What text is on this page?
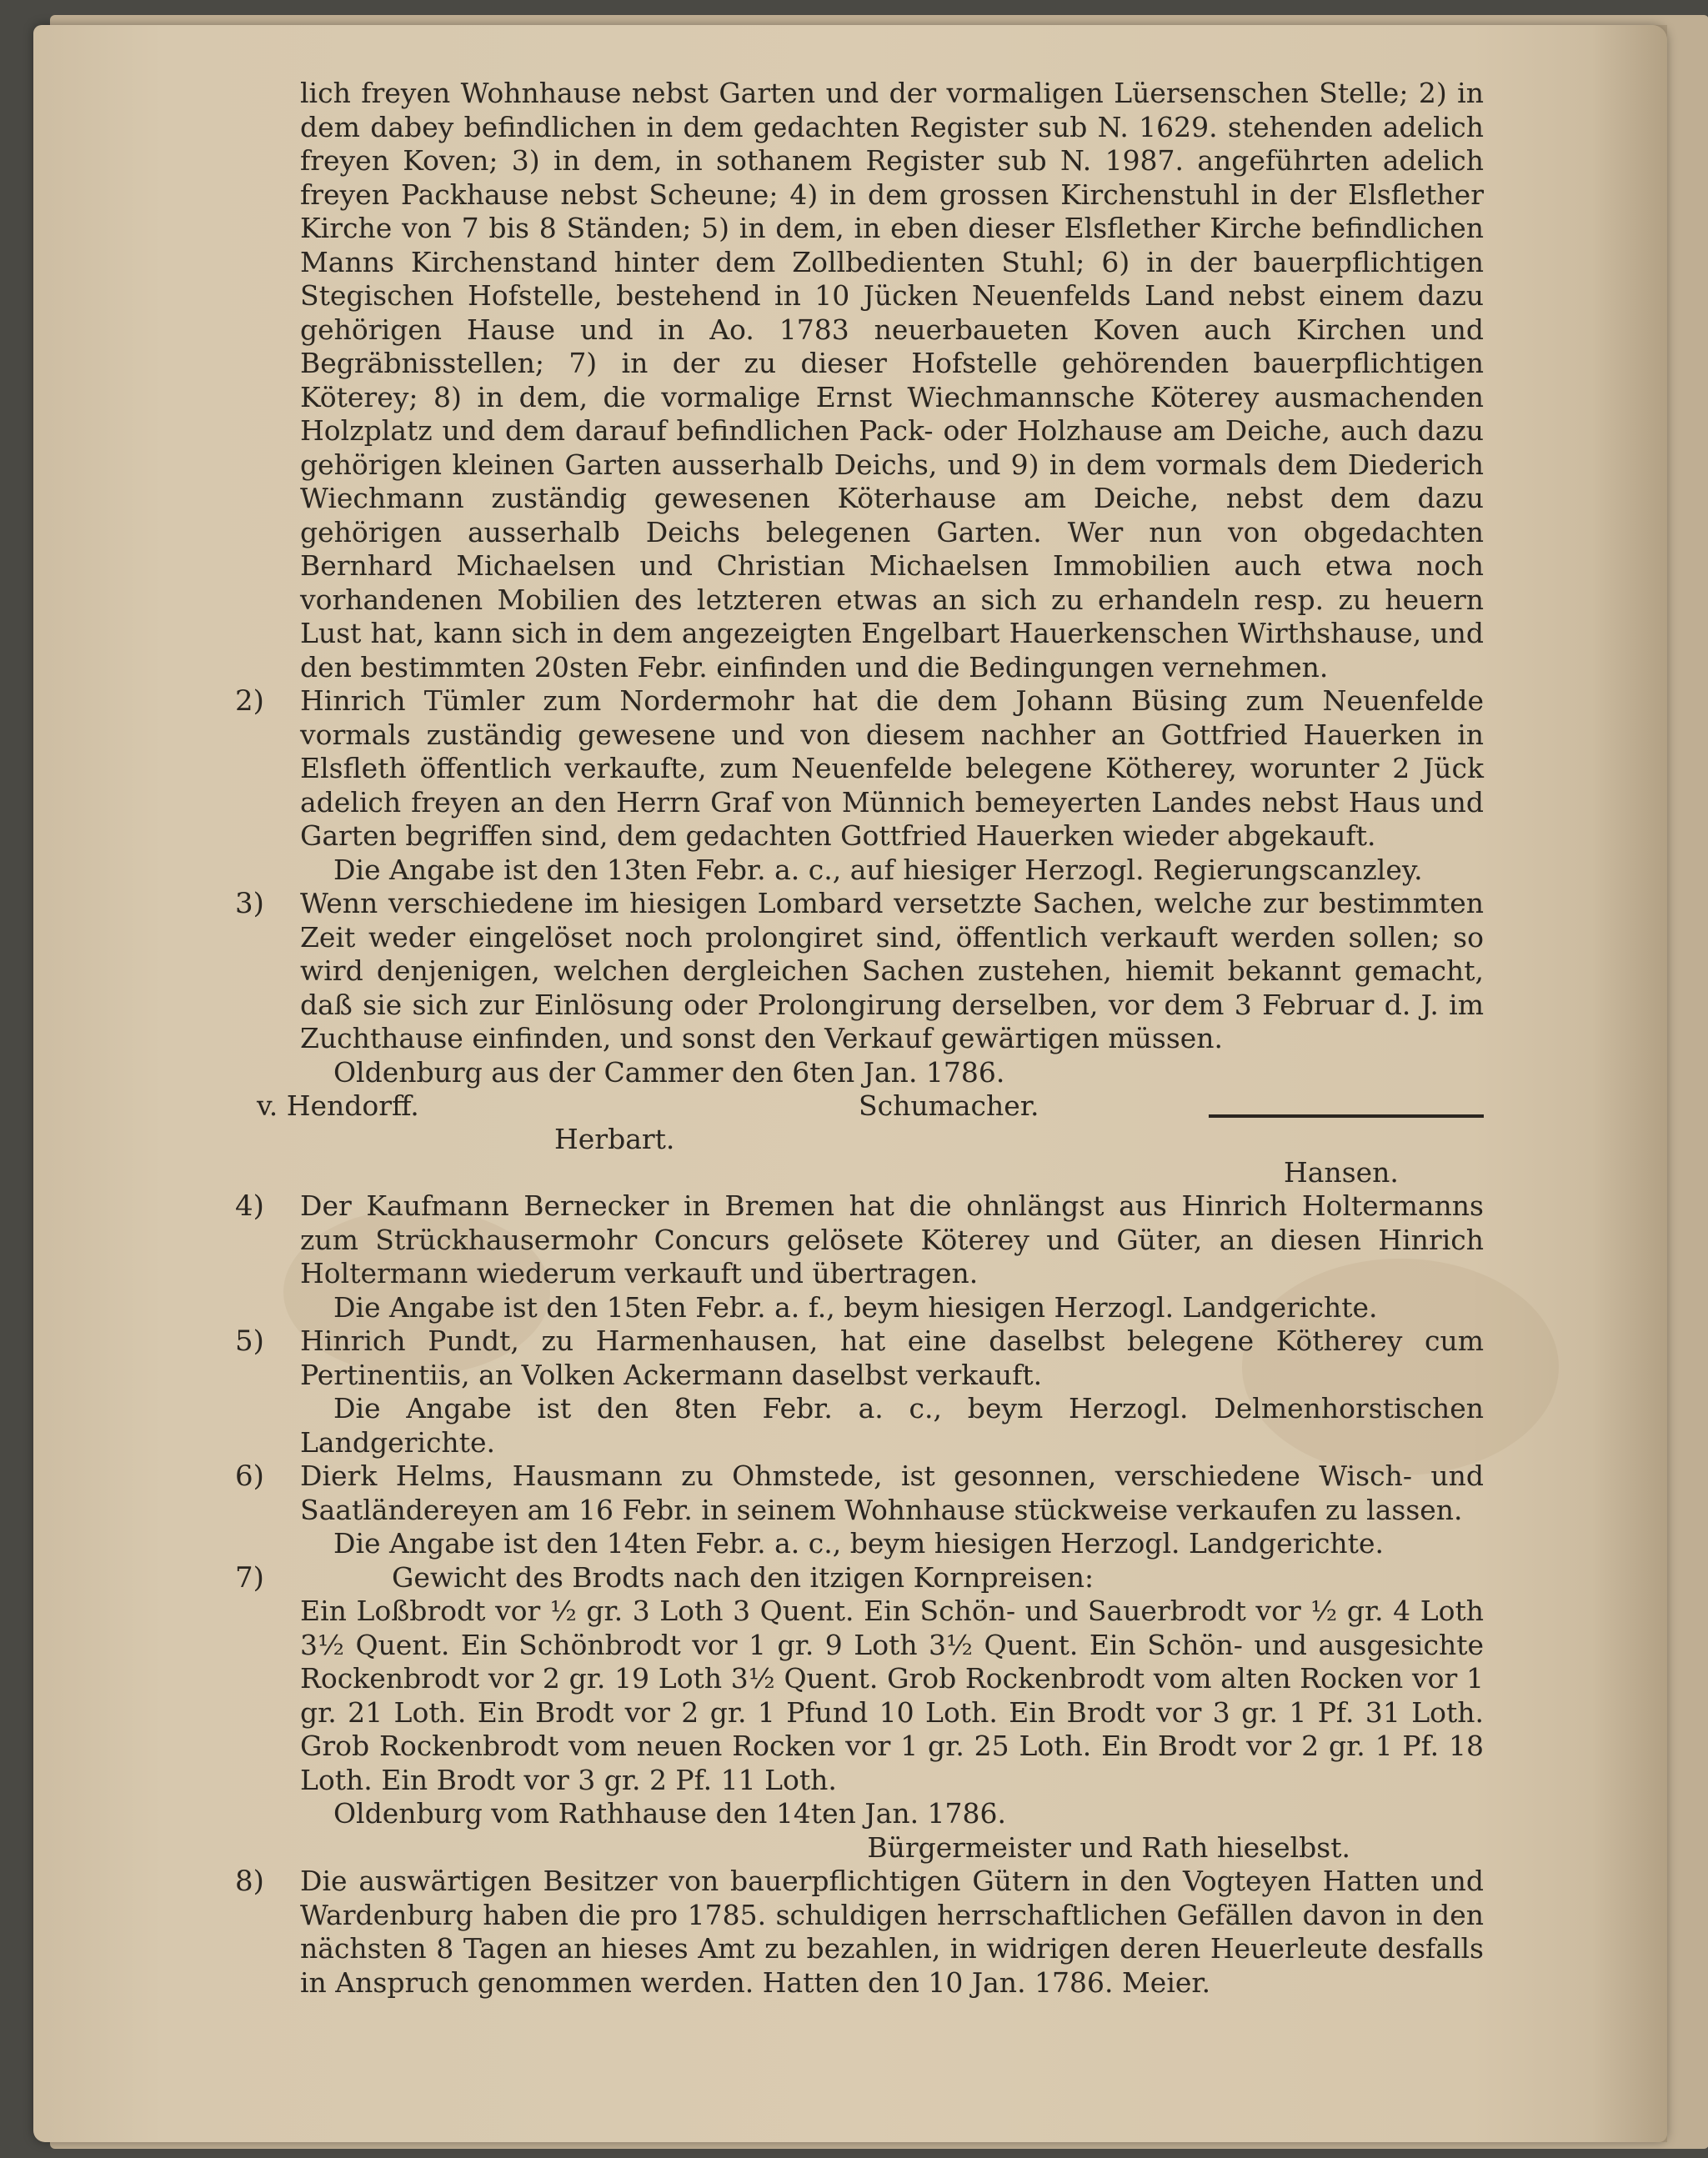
lich freyen Wohnhause nebst Garten und der vormaligen Lüersenschen Stelle; 2) in dem dabey befindlichen in dem gedachten Register sub N. 1629. stehenden adelich freyen Koven; 3) in dem, in sothanem Register sub N. 1987. angeführten adelich freyen Packhause nebst Scheune; 4) in dem grossen Kirchenstuhl in der Elsflether Kirche von 7 bis 8 Ständen; 5) in dem, in eben dieser Elsflether Kirche befindlichen Manns Kirchenstand hinter dem Zollbedienten Stuhl; 6) in der bauerpflichtigen Stegischen Hofstelle, bestehend in 10 Jücken Neuenfelds Land nebst einem dazu gehörigen Hause und in Ao. 1783 neuerbaueten Koven auch Kirchen und Begräbnisstellen; 7) in der zu dieser Hofstelle gehörenden bauerpflichtigen Köterey; 8) in dem, die vormalige Ernst Wiechmannsche Köterey ausmachenden Holzplatz und dem darauf befindlichen Pack- oder Holzhause am Deiche, auch dazu gehörigen kleinen Garten ausserhalb Deichs, und 9) in dem vormals dem Diederich Wiechmann zuständig gewesenen Köterhause am Deiche, nebst dem dazu gehörigen ausserhalb Deichs belegenen Garten. Wer nun von obgedachten Bernhard Michaelsen und Christian Michaelsen Immobilien auch etwa noch vorhandenen Mobilien des letzteren etwas an sich zu erhandeln resp. zu heuern Lust hat, kann sich in dem angezeigten Engelbart Hauerkenschen Wirthshause, und den bestimmten 20sten Febr. einfinden und die Bedingungen vernehmen.

2) Hinrich Tümler zum Nordermohr hat die dem Johann Büsing zum Neuenfelde vormals zuständig gewesene und von diesem nachher an Gottfried Hauerken in Elsfleth öffentlich verkaufte, zum Neuenfelde belegene Kötherey, worunter 2 Jück adelich freyen an den Herrn Graf von Münnich bemeyerten Landes nebst Haus und Garten begriffen sind, dem gedachten Gottfried Hauerken wieder abgekauft.

Die Angabe ist den 13ten Febr. a. c., auf hiesiger Herzogl. Regierungscanzley.

3) Wenn verschiedene im hiesigen Lombard versetzte Sachen, welche zur bestimmten Zeit weder eingelöset noch prolongiret sind, öffentlich verkauft werden sollen; so wird denjenigen, welchen dergleichen Sachen zustehen, hiemit bekannt gemacht, daß sie sich zur Einlösung oder Prolongirung derselben, vor dem 3 Februar d. J. im Zuchthause einfinden, und sonst den Verkauf gewärtigen müssen.

Oldenburg aus der Cammer den 6ten Jan. 1786.

v. Hendorff.	Schumacher.
Herbart.
Hansen.
4) Der Kaufmann Bernecker in Bremen hat die ohnlängst aus Hinrich Holtermanns zum Strückhausermohr Concurs gelösete Köterey und Güter, an diesen Hinrich Holtermann wiederum verkauft und übertragen.

Die Angabe ist den 15ten Febr. a. f., beym hiesigen Herzogl. Landgerichte.

5) Hinrich Pundt, zu Harmenhausen, hat eine daselbst belegene Kötherey cum Pertinentiis, an Volken Ackermann daselbst verkauft.

Die Angabe ist den 8ten Febr. a. c., beym Herzogl. Delmenhorstischen Landgerichte.

6) Dierk Helms, Hausmann zu Ohmstede, ist gesonnen, verschiedene Wisch- und Saatländereyen am 16 Febr. in seinem Wohnhause stückweise verkaufen zu lassen.

Die Angabe ist den 14ten Febr. a. c., beym hiesigen Herzogl. Landgerichte.

7)	Gewicht des Brodts nach den itzigen Kornpreisen:

Ein Loßbrodt vor ½ gr. 3 Loth 3 Quent. Ein Schön- und Sauerbrodt vor ½ gr. 4 Loth 3½ Quent. Ein Schönbrodt vor 1 gr. 9 Loth 3½ Quent. Ein Schön- und ausgesichte Rockenbrodt vor 2 gr. 19 Loth 3½ Quent. Grob Rockenbrodt vom alten Rocken vor 1 gr. 21 Loth. Ein Brodt vor 2 gr. 1 Pfund 10 Loth. Ein Brodt vor 3 gr. 1 Pf. 31 Loth. Grob Rockenbrodt vom neuen Rocken vor 1 gr. 25 Loth. Ein Brodt vor 2 gr. 1 Pf. 18 Loth. Ein Brodt vor 3 gr. 2 Pf. 11 Loth.

Oldenburg vom Rathhause den 14ten Jan. 1786.

Bürgermeister und Rath hieselbst.

8) Die auswärtigen Besitzer von bauerpflichtigen Gütern in den Vogteyen Hatten und Wardenburg haben die pro 1785. schuldigen herrschaftlichen Gefällen davon in den nächsten 8 Tagen an hieses Amt zu bezahlen, in widrigen deren Heuerleute desfalls in Anspruch genommen werden. Hatten den 10 Jan. 1786. Meier.
